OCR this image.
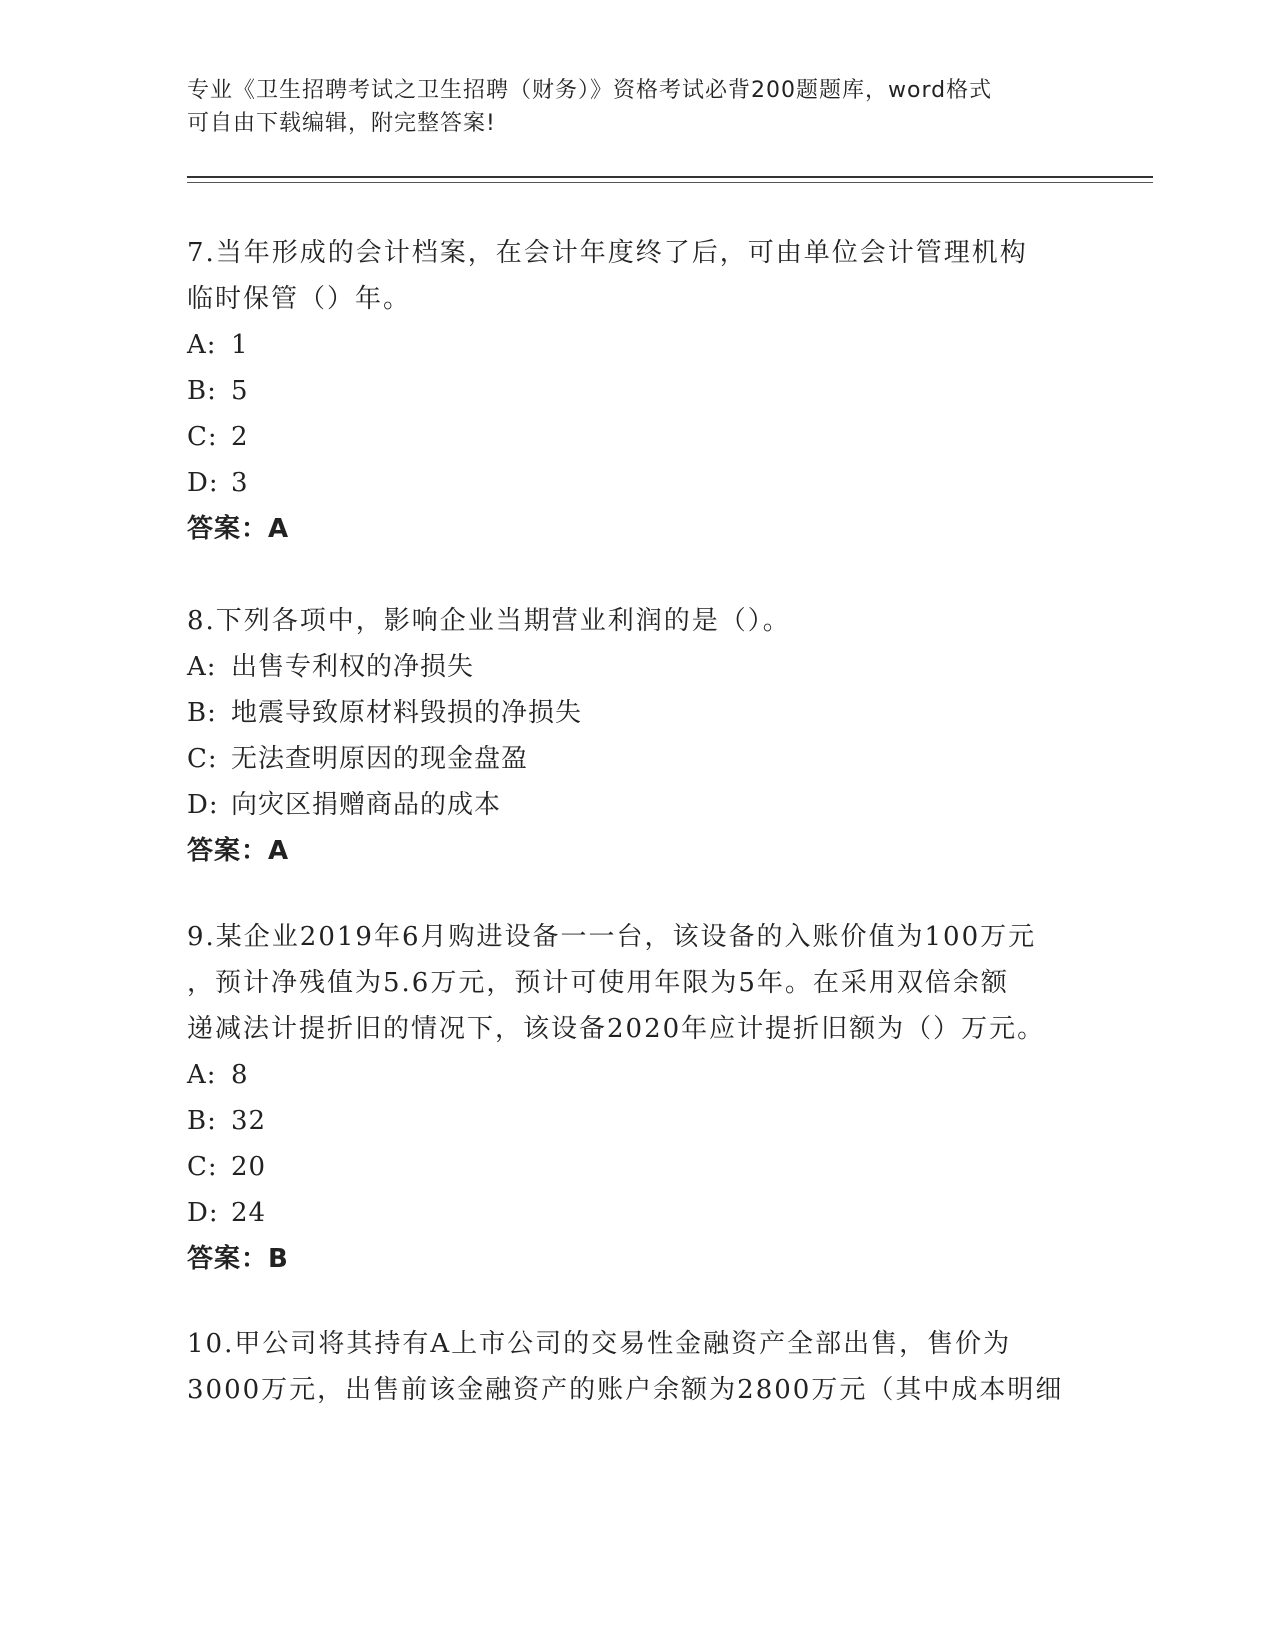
专业《卫生招聘考试之卫生招聘（财务）》资格考试必背200题题库，word格式
可自由下载编辑，附完整答案!
7.当年形成的会计档案，在会计年度终了后，可由单位会计管理机构
临时保管（）年。
A: 1
B: 5
C: 2
D: 3
答案：A
8.下列各项中，影响企业当期营业利润的是（）。
A: 出售专利权的净损失
B: 地震导致原材料毁损的净损失
C: 无法查明原因的现金盘盈
D: 向灾区捐赠商品的成本
答案：A
9.某企业2019年6月购进设备一一台，该设备的入账价值为100万元
，预计净残值为5.6万元，预计可使用年限为5年。在采用双倍余额
递减法计提折旧的情况下，该设备2020年应计提折旧额为（）万元。
A: 8
B: 32
C: 20
D: 24
答案：B
10.甲公司将其持有A上市公司的交易性金融资产全部出售，售价为
3000万元，出售前该金融资产的账户余额为2800万元（其中成本明细
